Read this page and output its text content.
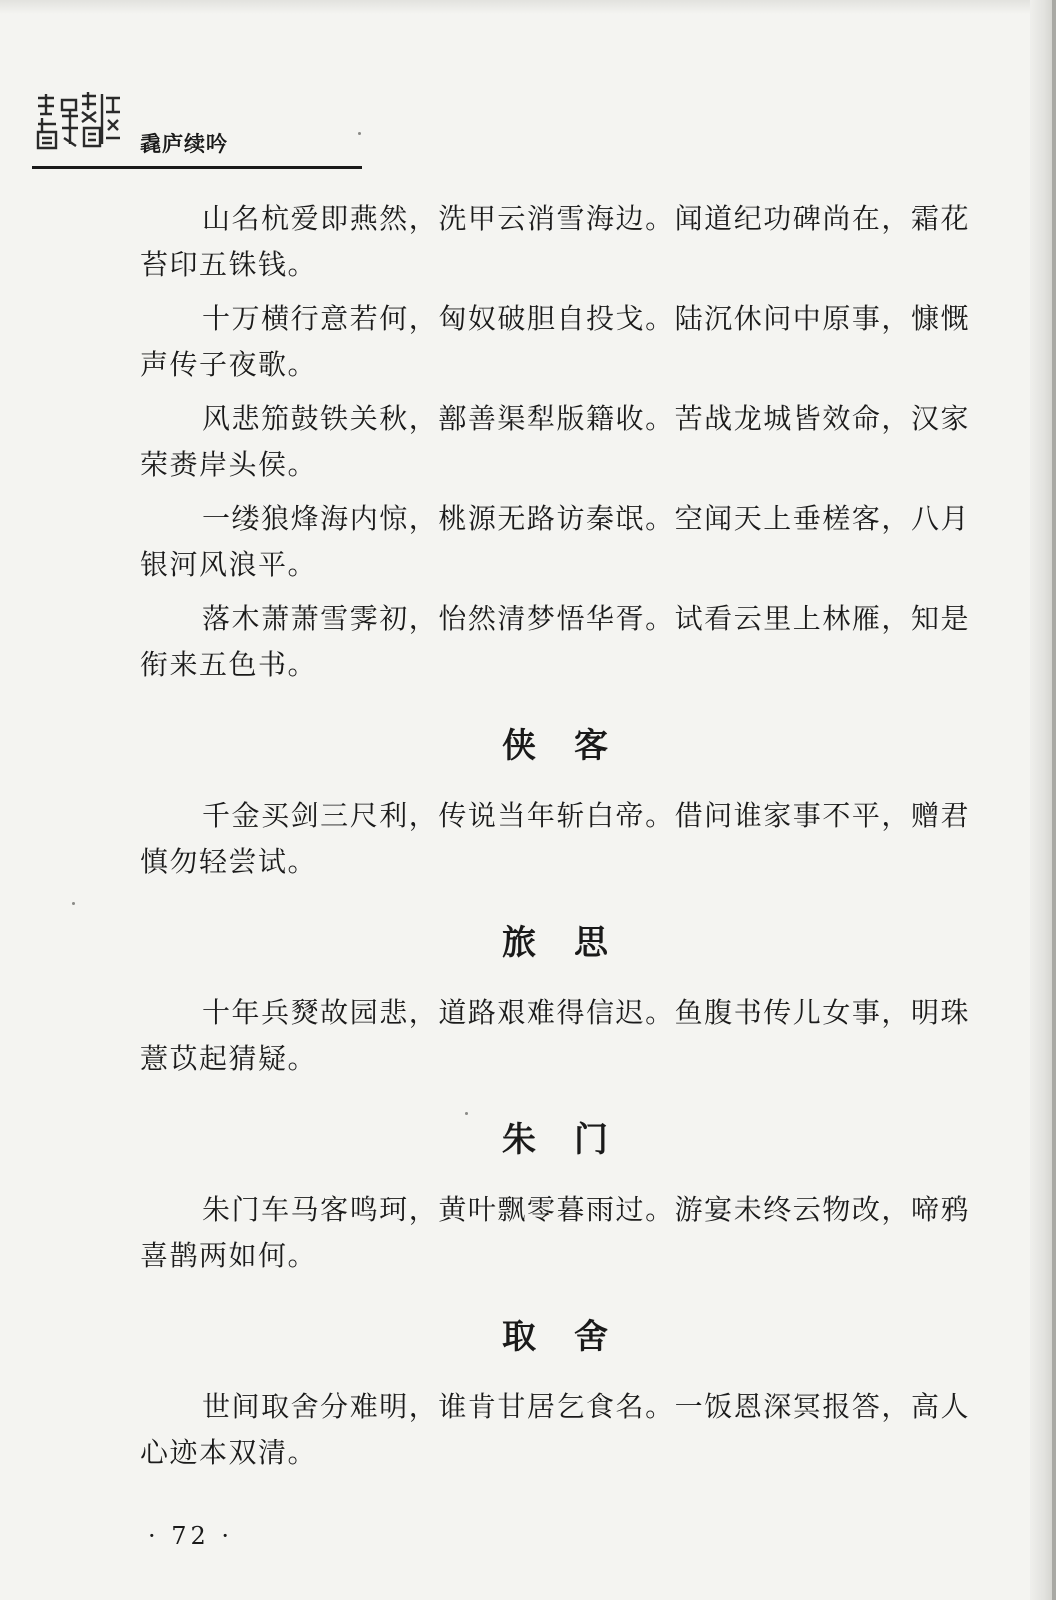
毳庐续吟

山名杭爱即燕然，洗甲云消雪海边。闻道纪功碑尚在，霜花苔印五铢钱。

十万横行意若何，匈奴破胆自投戈。陆沉休问中原事，慷慨声传子夜歌。

风悲笳鼓铁关秋，鄯善渠犁版籍收。苦战龙城皆效命，汉家荣赉岸头侯。

一缕狼烽海内惊，桃源无路访秦氓。空闻天上垂槎客，八月银河风浪平。

落木萧萧雪霁初，怡然清梦悟华胥。试看云里上林雁，知是衔来五色书。

侠客

千金买剑三尺利，传说当年斩白帝。借问谁家事不平，赠君慎勿轻尝试。

旅思

十年兵燹故园悲，道路艰难得信迟。鱼腹书传儿女事，明珠薏苡起猜疑。

朱门

朱门车马客鸣珂，黄叶飘零暮雨过。游宴未终云物改，啼鸦喜鹊两如何。

取舍

世间取舍分难明，谁肯甘居乞食名。一饭恩深冥报答，高人心迹本双清。

· 72 ·
